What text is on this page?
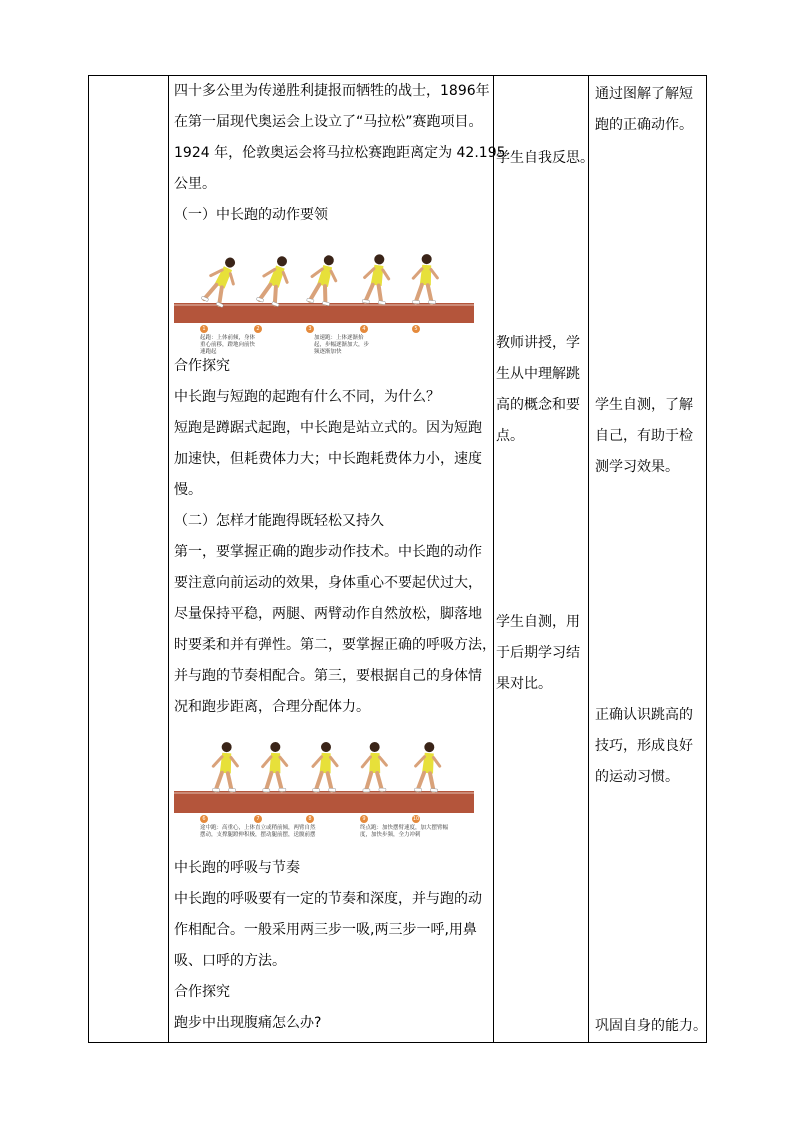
四十多公里为传递胜利捷报而牺牲的战士，1896年

在第一届现代奥运会上设立了“马拉松”赛跑项目。

1924 年，伦敦奥运会将马拉松赛跑距离定为 42.195

公里。

（一）中长跑的动作要领

1	2	3	4	5
起跑：上体前倾，身体重心前移，蹬地向前快速跑起
加速跑：上体逐渐抬起，步幅逐渐加大，步频逐渐加快

合作探究

中长跑与短跑的起跑有什么不同，为什么？

短跑是蹲踞式起跑，中长跑是站立式的。因为短跑

加速快，但耗费体力大；中长跑耗费体力小，速度

慢。

（二）怎样才能跑得既轻松又持久

第一，要掌握正确的跑步动作技术。中长跑的动作

要注意向前运动的效果，身体重心不要起伏过大，

尽量保持平稳，两腿、两臂动作自然放松，脚落地

时要柔和并有弹性。第二，要掌握正确的呼吸方法，

并与跑的节奏相配合。第三，要根据自己的身体情

况和跑步距离，合理分配体力。

6	7	8	9	10
途中跑：高重心，上体直立或稍前倾，两臂自然摆动，支撑腿蹬伸积极，摆动腿前摆，送髋前摆
终点跑：加快摆臂速度，加大摆臂幅度，加快步频，全力冲刺

中长跑的呼吸与节奏

中长跑的呼吸要有一定的节奏和深度，并与跑的动

作相配合。一般采用两三步一吸,两三步一呼,用鼻

吸、口呼的方法。

合作探究

跑步中出现腹痛怎么办?

学生自我反思。

教师讲授，学

生从中理解跳

高的概念和要

点。

学生自测，用

于后期学习结

果对比。

通过图解了解短

跑的正确动作。

学生自测，了解

自己，有助于检

测学习效果。

正确认识跳高的

技巧，形成良好

的运动习惯。

巩固自身的能力。
